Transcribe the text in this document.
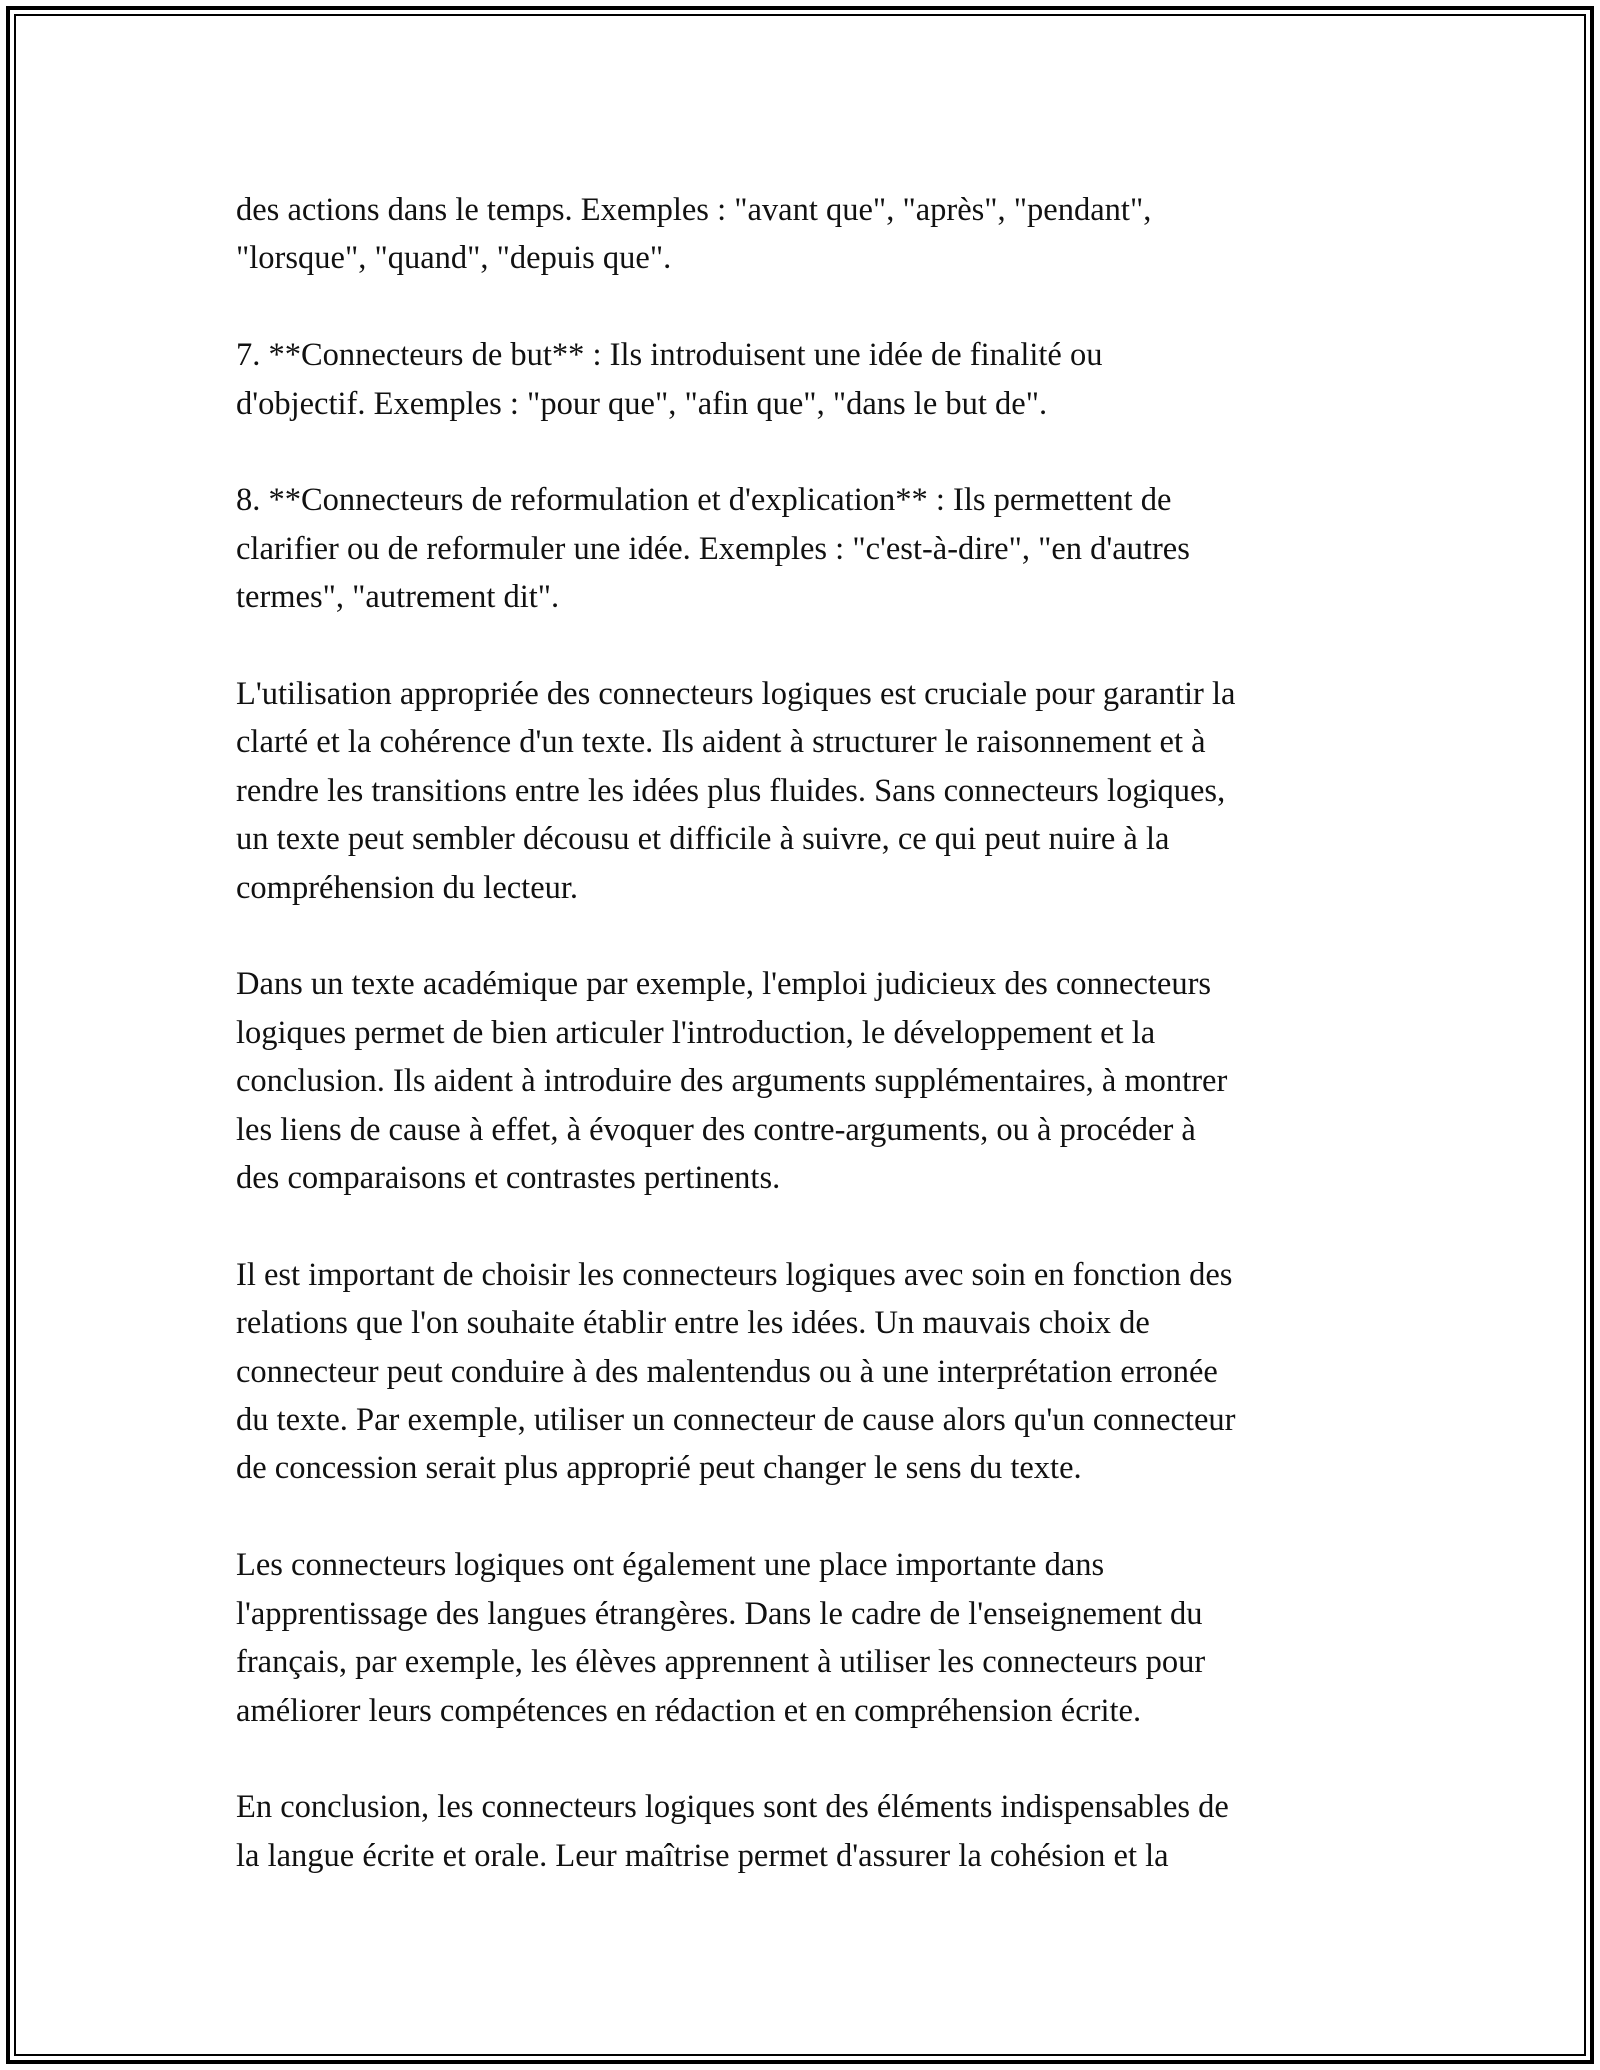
des actions dans le temps. Exemples : "avant que", "après", "pendant",
"lorsque", "quand", "depuis que".

7. **Connecteurs de but** : Ils introduisent une idée de finalité ou
d'objectif. Exemples : "pour que", "afin que", "dans le but de".

8. **Connecteurs de reformulation et d'explication** : Ils permettent de
clarifier ou de reformuler une idée. Exemples : "c'est-à-dire", "en d'autres
termes", "autrement dit".

L'utilisation appropriée des connecteurs logiques est cruciale pour garantir la
clarté et la cohérence d'un texte. Ils aident à structurer le raisonnement et à
rendre les transitions entre les idées plus fluides. Sans connecteurs logiques,
un texte peut sembler décousu et difficile à suivre, ce qui peut nuire à la
compréhension du lecteur.

Dans un texte académique par exemple, l'emploi judicieux des connecteurs
logiques permet de bien articuler l'introduction, le développement et la
conclusion. Ils aident à introduire des arguments supplémentaires, à montrer
les liens de cause à effet, à évoquer des contre-arguments, ou à procéder à
des comparaisons et contrastes pertinents.

Il est important de choisir les connecteurs logiques avec soin en fonction des
relations que l'on souhaite établir entre les idées. Un mauvais choix de
connecteur peut conduire à des malentendus ou à une interprétation erronée
du texte. Par exemple, utiliser un connecteur de cause alors qu'un connecteur
de concession serait plus approprié peut changer le sens du texte.

Les connecteurs logiques ont également une place importante dans
l'apprentissage des langues étrangères. Dans le cadre de l'enseignement du
français, par exemple, les élèves apprennent à utiliser les connecteurs pour
améliorer leurs compétences en rédaction et en compréhension écrite.

En conclusion, les connecteurs logiques sont des éléments indispensables de
la langue écrite et orale. Leur maîtrise permet d'assurer la cohésion et la
